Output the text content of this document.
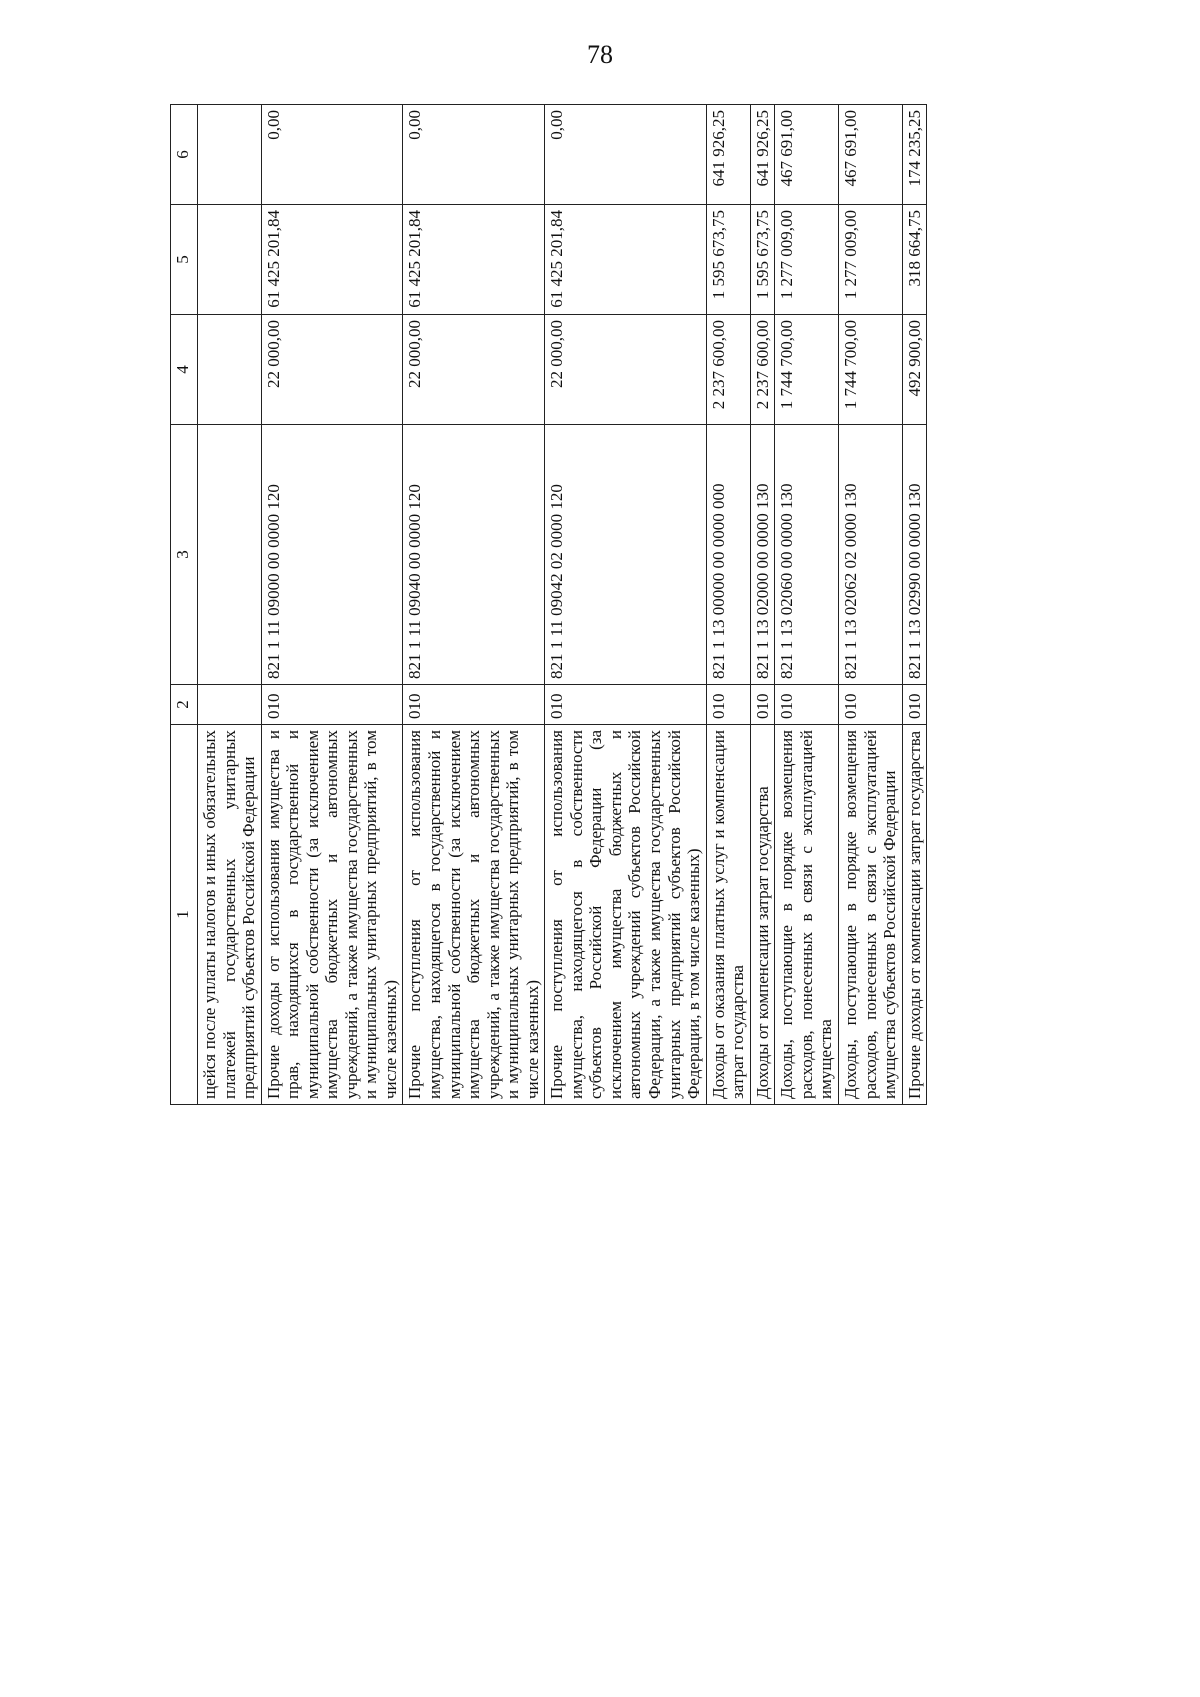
78
1	2	3	4	5	6
щейся после уплаты налогов и иных обязательных платежей государственных унитарных предприятий субъектов Российской Федерации					
Прочие доходы от использования имущества и прав, находящихся в государственной и муниципальной собственности (за исключением имущества бюджетных и автономных учреждений, а также имущества государственных и муниципальных унитарных предприятий, в том числе казенных)	010	821 1 11 09000 00 0000 120	22 000,00	61 425 201,84	0,00
Прочие поступления от использования имущества, находящегося в государственной и муниципальной собственности (за исключением имущества бюджетных и автономных учреждений, а также имущества государственных и муниципальных унитарных предприятий, в том числе казенных)	010	821 1 11 09040 00 0000 120	22 000,00	61 425 201,84	0,00
Прочие поступления от использования имущества, находящегося в собственности субъектов Российской Федерации (за исключением имущества бюджетных и автономных учреждений субъектов Российской Федерации, а также имущества государственных унитарных предприятий субъектов Российской Федерации, в том числе казенных)	010	821 1 11 09042 02 0000 120	22 000,00	61 425 201,84	0,00
Доходы от оказания платных услуг и компенсации затрат государства	010	821 1 13 00000 00 0000 000	2 237 600,00	1 595 673,75	641 926,25
Доходы от компенсации затрат государства	010	821 1 13 02000 00 0000 130	2 237 600,00	1 595 673,75	641 926,25
Доходы, поступающие в порядке возмещения расходов, понесенных в связи с эксплуатацией имущества	010	821 1 13 02060 00 0000 130	1 744 700,00	1 277 009,00	467 691,00
Доходы, поступающие в порядке возмещения расходов, понесенных в связи с эксплуатацией имущества субъектов Российской Федерации	010	821 1 13 02062 02 0000 130	1 744 700,00	1 277 009,00	467 691,00
Прочие доходы от компенсации затрат государства	010	821 1 13 02990 00 0000 130	492 900,00	318 664,75	174 235,25
